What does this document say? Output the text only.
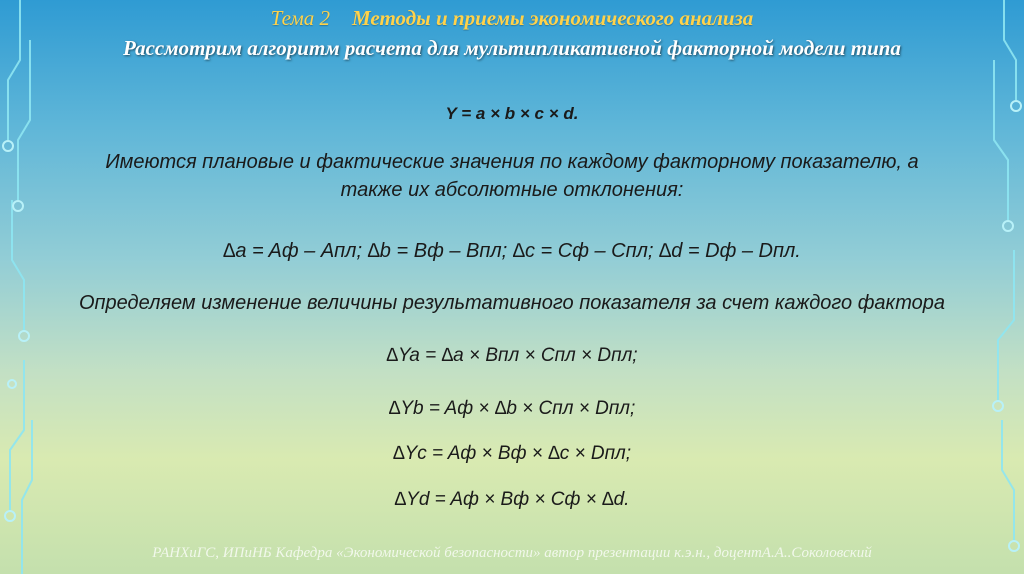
Тема 2 Методы и приемы экономического анализа
Рассмотрим алгоритм расчета для мультипликативной факторной модели типа
Y = a × b × c × d.
Имеются плановые и фактические значения по каждому факторному показателю, а
также их абсолютные отклонения:
∆a = Aф – Aпл; ∆b = Bф – Bпл; ∆c = Cф – Cпл; ∆d = Dф – Dпл.
Определяем изменение величины результативного показателя за счет каждого фактора
∆Ya = ∆a × Bпл × Cпл × Dпл;
∆Yb = Aф × ∆b × Cпл × Dпл;
∆Yc = Aф × Bф × ∆c × Dпл;
∆Yd = Aф × Bф × Cф × ∆d.
РАНХиГС, ИПиНБ Кафедра «Экономической безопасности» автор презентации к.э.н., доцентА.А..Соколовский
